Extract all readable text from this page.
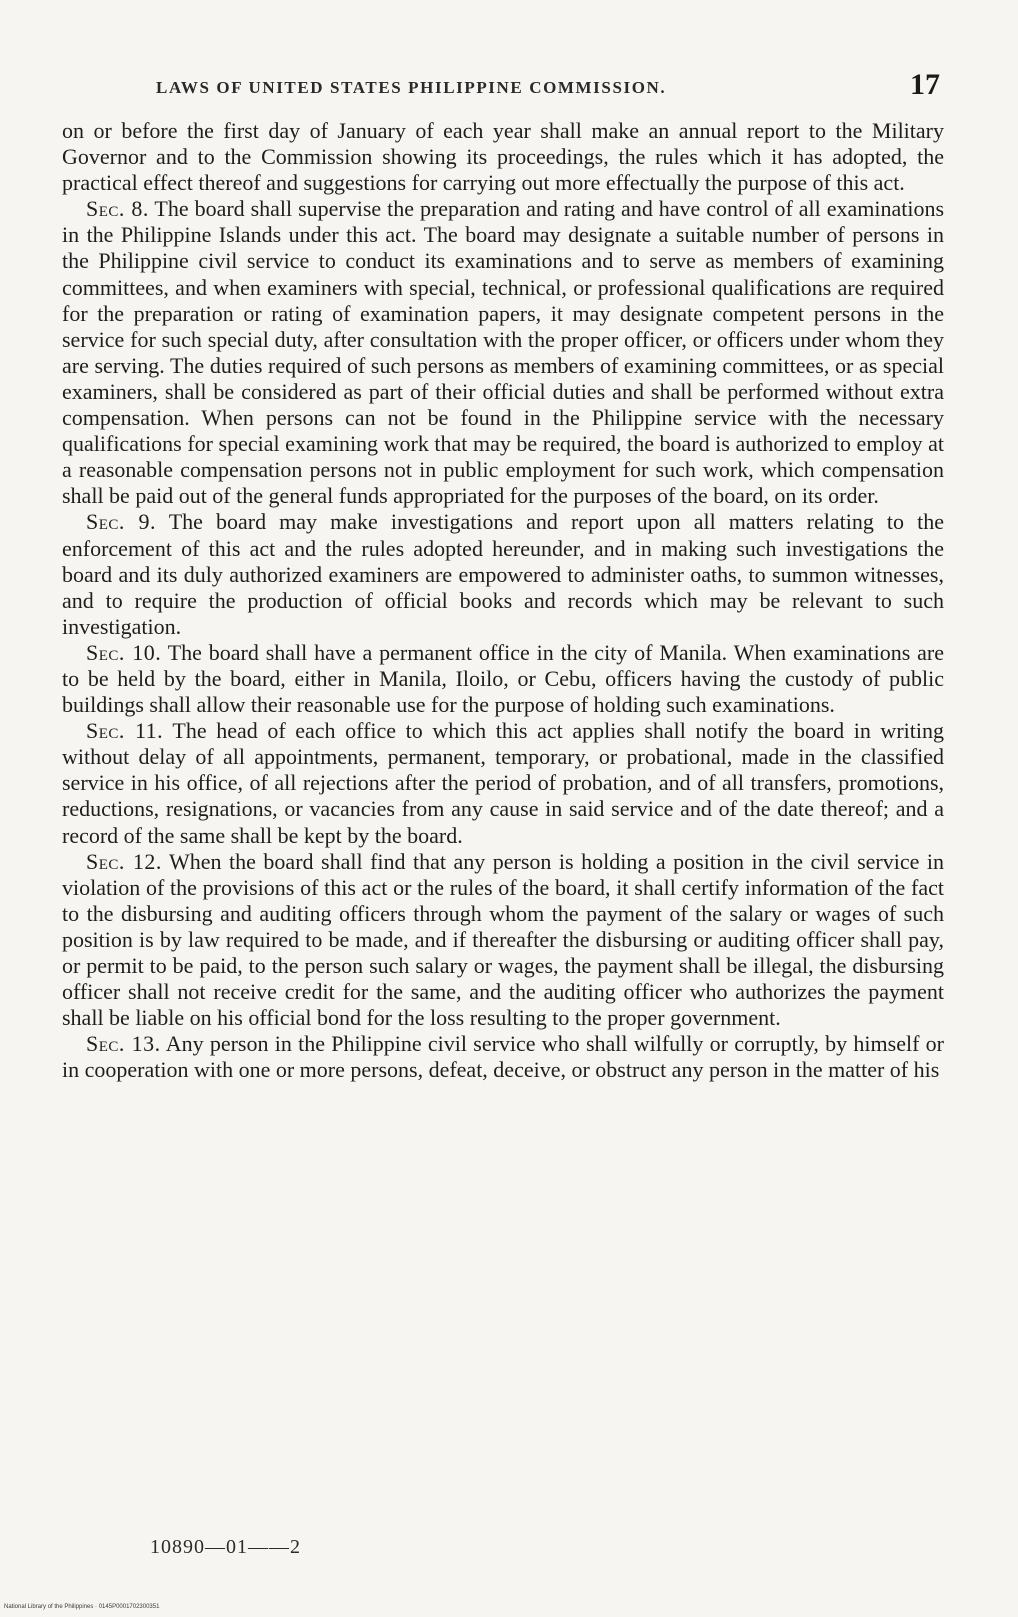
LAWS OF UNITED STATES PHILIPPINE COMMISSION.	17

on or before the first day of January of each year shall make an annual report to the Military Governor and to the Commission showing its proceedings, the rules which it has adopted, the practical effect thereof and suggestions for carrying out more effectually the purpose of this act.

Sec. 8. The board shall supervise the preparation and rating and have control of all examinations in the Philippine Islands under this act. The board may designate a suitable number of persons in the Philippine civil service to conduct its examinations and to serve as members of examining committees, and when examiners with special, technical, or professional qualifications are required for the preparation or rating of examination papers, it may designate competent persons in the service for such special duty, after consultation with the proper officer, or officers under whom they are serving. The duties required of such persons as members of examining committees, or as special examiners, shall be considered as part of their official duties and shall be performed without extra compensation. When persons can not be found in the Philippine service with the necessary qualifications for special examining work that may be required, the board is authorized to employ at a reasonable compensation persons not in public employment for such work, which compensation shall be paid out of the general funds appropriated for the purposes of the board, on its order.

Sec. 9. The board may make investigations and report upon all matters relating to the enforcement of this act and the rules adopted hereunder, and in making such investigations the board and its duly authorized examiners are empowered to administer oaths, to summon witnesses, and to require the production of official books and records which may be relevant to such investigation.

Sec. 10. The board shall have a permanent office in the city of Manila. When examinations are to be held by the board, either in Manila, Iloilo, or Cebu, officers having the custody of public buildings shall allow their reasonable use for the purpose of holding such examinations.

Sec. 11. The head of each office to which this act applies shall notify the board in writing without delay of all appointments, permanent, temporary, or probational, made in the classified service in his office, of all rejections after the period of probation, and of all transfers, promotions, reductions, resignations, or vacancies from any cause in said service and of the date thereof; and a record of the same shall be kept by the board.

Sec. 12. When the board shall find that any person is holding a position in the civil service in violation of the provisions of this act or the rules of the board, it shall certify information of the fact to the disbursing and auditing officers through whom the payment of the salary or wages of such position is by law required to be made, and if thereafter the disbursing or auditing officer shall pay, or permit to be paid, to the person such salary or wages, the payment shall be illegal, the disbursing officer shall not receive credit for the same, and the auditing officer who authorizes the payment shall be liable on his official bond for the loss resulting to the proper government.

Sec. 13. Any person in the Philippine civil service who shall wilfully or corruptly, by himself or in cooperation with one or more persons, defeat, deceive, or obstruct any person in the matter of his

10890—01——2
National Library of the Philippines · 0145P0001702300351
